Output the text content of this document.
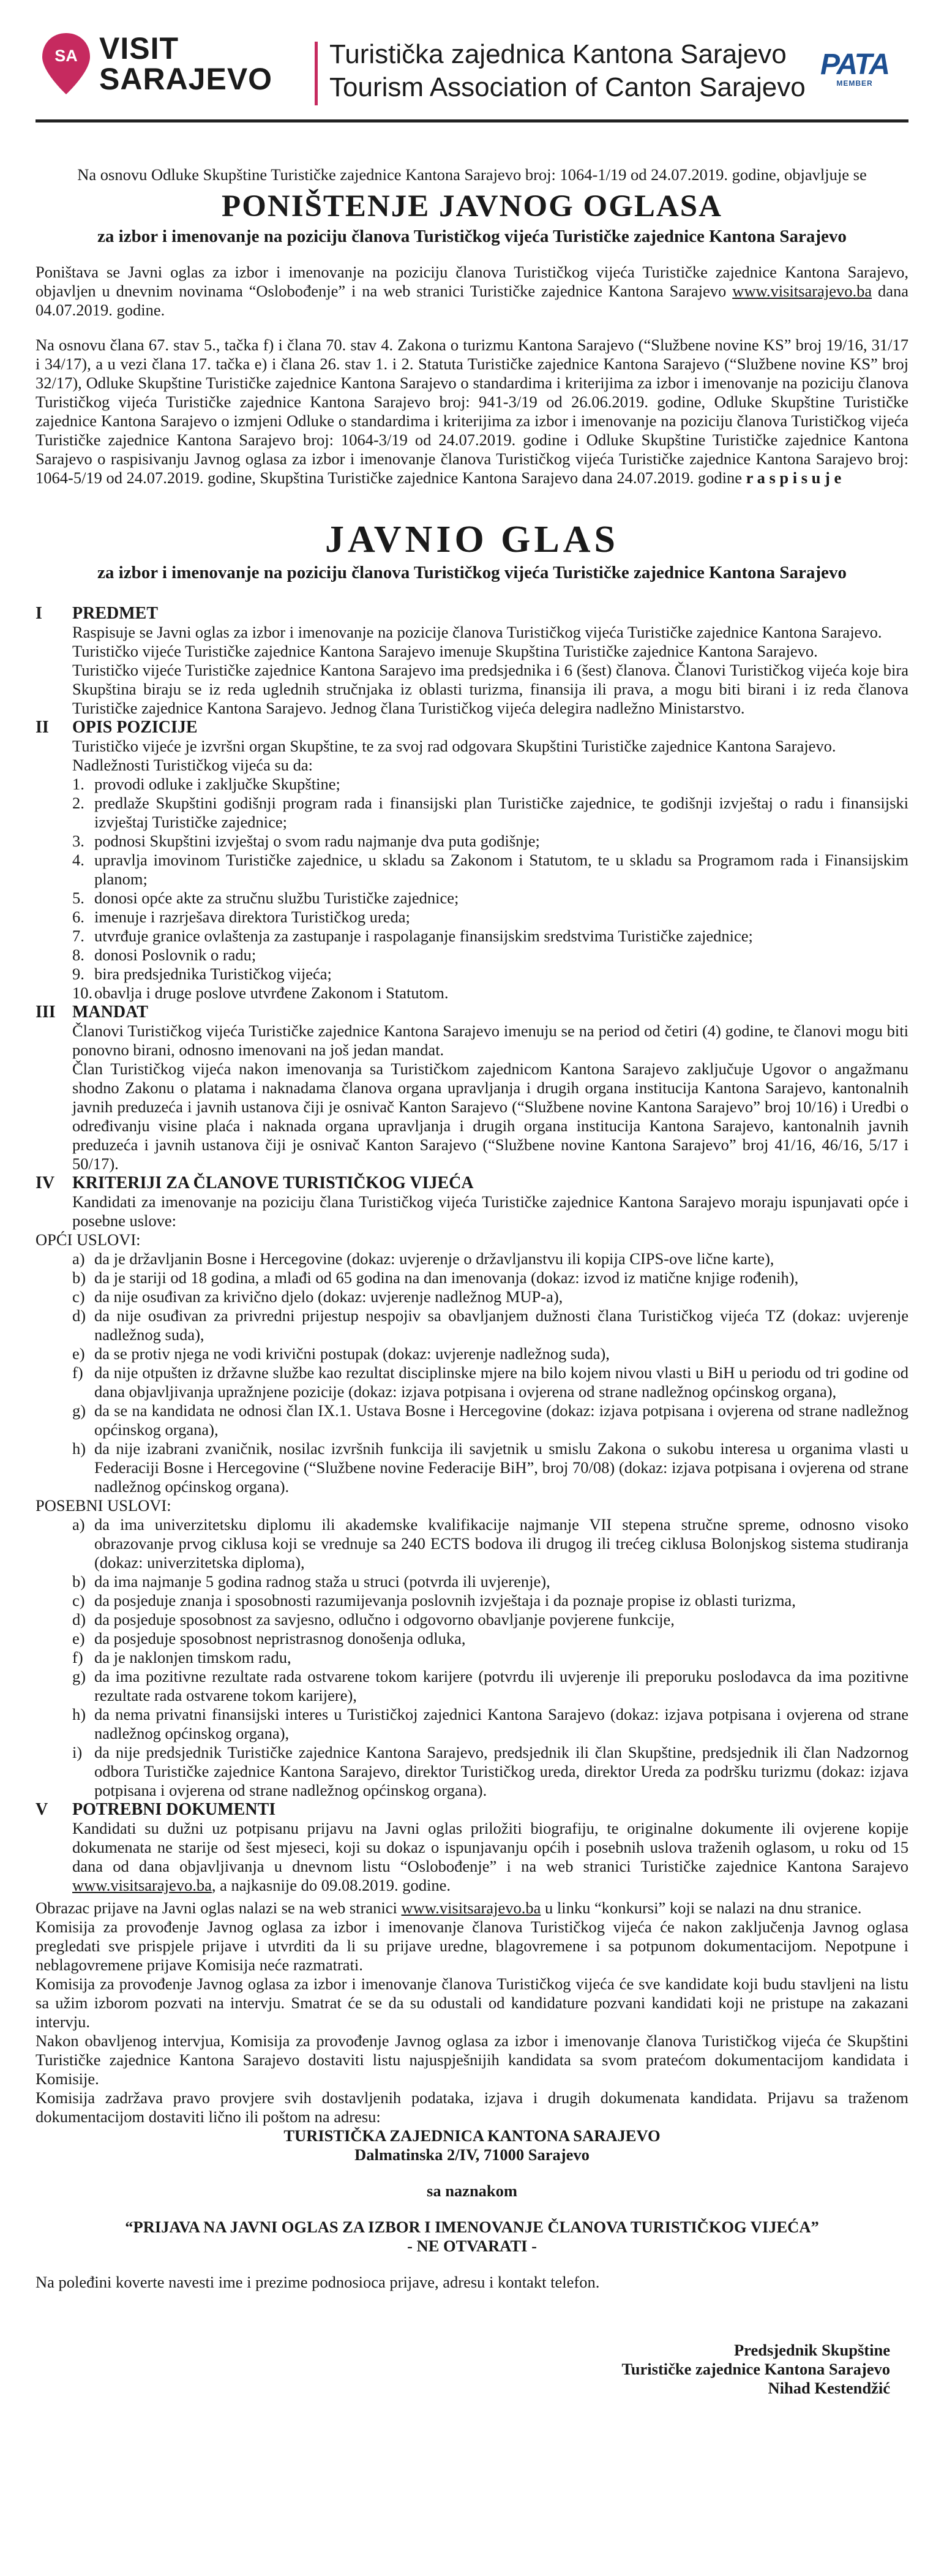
SA VISIT
SARAJEVO
Turistička zajednica Kantona Sarajevo
Tourism Association of Canton Sarajevo
PATA
MEMBER

Na osnovu Odluke Skupštine Turističke zajednice Kantona Sarajevo broj: 1064-1/19 od 24.07.2019. godine, objavljuje se

PONIŠTENJE JAVNOG OGLASA
za izbor i imenovanje na poziciju članova Turističkog vijeća Turističke zajednice Kantona Sarajevo

Poništava se Javni oglas za izbor i imenovanje na poziciju članova Turističkog vijeća Turističke zajednice Kantona Sarajevo, objavljen u dnevnim novinama “Oslobođenje” i na web stranici Turističke zajednice Kantona Sarajevo www.visitsarajevo.ba dana 04.07.2019. godine.

Na osnovu člana 67. stav 5., tačka f) i člana 70. stav 4. Zakona o turizmu Kantona Sarajevo (“Službene novine KS” broj 19/16, 31/17 i 34/17), a u vezi člana 17. tačka e) i člana 26. stav 1. i 2. Statuta Turističke zajednice Kantona Sarajevo (“Službene novine KS” broj 32/17), Odluke Skupštine Turističke zajednice Kantona Sarajevo o standardima i kriterijima za izbor i imenovanje na poziciju članova Turističkog vijeća Turističke zajednice Kantona Sarajevo broj: 941-3/19 od 26.06.2019. godine, Odluke Skupštine Turističke zajednice Kantona Sarajevo o izmjeni Odluke o standardima i kriterijima za izbor i imenovanje na poziciju članova Turističkog vijeća Turističke zajednice Kantona Sarajevo broj: 1064-3/19 od 24.07.2019. godine i Odluke Skupštine Turističke zajednice Kantona Sarajevo o raspisivanju Javnog oglasa za izbor i imenovanje članova Turističkog vijeća Turističke zajednice Kantona Sarajevo broj: 1064-5/19 od 24.07.2019. godine, Skupština Turističke zajednice Kantona Sarajevo dana 24.07.2019. godine r a s p i s u j e

JAVNIO GLAS
za izbor i imenovanje na poziciju članova Turističkog vijeća Turističke zajednice Kantona Sarajevo
I	PREDMET

Raspisuje se Javni oglas za izbor i imenovanje na pozicije članova Turističkog vijeća Turističke zajednice Kantona Sarajevo.

Turističko vijeće Turističke zajednice Kantona Sarajevo imenuje Skupština Turističke zajednice Kantona Sarajevo.

Turističko vijeće Turističke zajednice Kantona Sarajevo ima predsjednika i 6 (šest) članova. Članovi Turističkog vijeća koje bira Skupština biraju se iz reda uglednih stručnjaka iz oblasti turizma, finansija ili prava, a mogu biti birani i iz reda članova Turističke zajednice Kantona Sarajevo. Jednog člana Turističkog vijeća delegira nadležno Ministarstvo.

II	OPIS POZICIJE

Turističko vijeće je izvršni organ Skupštine, te za svoj rad odgovara Skupštini Turističke zajednice Kantona Sarajevo.

Nadležnosti Turističkog vijeća su da:

1. provodi odluke i zaključke Skupštine;
2. predlaže Skupštini godišnji program rada i finansijski plan Turističke zajednice, te godišnji izvještaj o radu i finansijski izvještaj Turističke zajednice;
3. podnosi Skupštini izvještaj o svom radu najmanje dva puta godišnje;
4. upravlja imovinom Turističke zajednice, u skladu sa Zakonom i Statutom, te u skladu sa Programom rada i Finansijskim planom;
5. donosi opće akte za stručnu službu Turističke zajednice;
6. imenuje i razrješava direktora Turističkog ureda;
7. utvrđuje granice ovlaštenja za zastupanje i raspolaganje finansijskim sredstvima Turističke zajednice;
8. donosi Poslovnik o radu;
9. bira predsjednika Turističkog vijeća;
10. obavlja i druge poslove utvrđene Zakonom i Statutom.
III MANDAT

Članovi Turističkog vijeća Turističke zajednice Kantona Sarajevo imenuju se na period od četiri (4) godine, te članovi mogu biti ponovno birani, odnosno imenovani na još jedan mandat.

Član Turističkog vijeća nakon imenovanja sa Turističkom zajednicom Kantona Sarajevo zaključuje Ugovor o angažmanu shodno Zakonu o platama i naknadama članova organa upravljanja i drugih organa institucija Kantona Sarajevo, kantonalnih javnih preduzeća i javnih ustanova čiji je osnivač Kanton Sarajevo (“Službene novine Kantona Sarajevo” broj 10/16) i Uredbi o određivanju visine plaća i naknada organa upravljanja i drugih organa institucija Kantona Sarajevo, kantonalnih javnih preduzeća i javnih ustanova čiji je osnivač Kanton Sarajevo (“Službene novine Kantona Sarajevo” broj 41/16, 46/16, 5/17 i 50/17).

IV	KRITERIJI ZA ČLANOVE TURISTIČKOG VIJEĆA

Kandidati za imenovanje na poziciju člana Turističkog vijeća Turističke zajednice Kantona Sarajevo moraju ispunjavati opće i posebne uslove:

OPĆI USLOVI:
a) da je državljanin Bosne i Hercegovine (dokaz: uvjerenje o državljanstvu ili kopija CIPS-ove lične karte),
b) da je stariji od 18 godina, a mlađi od 65 godina na dan imenovanja (dokaz: izvod iz matične knjige rođenih),
c) da nije osuđivan za krivično djelo (dokaz: uvjerenje nadležnog MUP-a),
d) da nije osuđivan za privredni prijestup nespojiv sa obavljanjem dužnosti člana Turističkog vijeća TZ (dokaz: uvjerenje nadležnog suda),
e) da se protiv njega ne vodi krivični postupak (dokaz: uvjerenje nadležnog suda),
f) da nije otpušten iz državne službe kao rezultat disciplinske mjere na bilo kojem nivou vlasti u BiH u periodu od tri godine od dana objavljivanja upražnjene pozicije (dokaz: izjava potpisana i ovjerena od strane nadležnog općinskog organa),
g) da se na kandidata ne odnosi član IX.1. Ustava Bosne i Hercegovine (dokaz: izjava potpisana i ovjerena od strane nadležnog općinskog organa),
h) da nije izabrani zvaničnik, nosilac izvršnih funkcija ili savjetnik u smislu Zakona o sukobu interesa u organima vlasti u Federaciji Bosne i Hercegovine (“Službene novine Federacije BiH”, broj 70/08) (dokaz: izjava potpisana i ovjerena od strane nadležnog općinskog organa).
POSEBNI USLOVI:
a) da ima univerzitetsku diplomu ili akademske kvalifikacije najmanje VII stepena stručne spreme, odnosno visoko obrazovanje prvog ciklusa koji se vrednuje sa 240 ECTS bodova ili drugog ili trećeg ciklusa Bolonjskog sistema studiranja (dokaz: univerzitetska diploma),
b) da ima najmanje 5 godina radnog staža u struci (potvrda ili uvjerenje),
c) da posjeduje znanja i sposobnosti razumijevanja poslovnih izvještaja i da poznaje propise iz oblasti turizma,
d) da posjeduje sposobnost za savjesno, odlučno i odgovorno obavljanje povjerene funkcije,
e) da posjeduje sposobnost nepristrasnog donošenja odluka,
f) da je naklonjen timskom radu,
g) da ima pozitivne rezultate rada ostvarene tokom karijere (potvrdu ili uvjerenje ili preporuku poslodavca da ima pozitivne rezultate rada ostvarene tokom karijere),
h) da nema privatni finansijski interes u Turističkoj zajednici Kantona Sarajevo (dokaz: izjava potpisana i ovjerena od strane nadležnog općinskog organa),
i) da nije predsjednik Turističke zajednice Kantona Sarajevo, predsjednik ili član Skupštine, predsjednik ili član Nadzornog odbora Turističke zajednice Kantona Sarajevo, direktor Turističkog ureda, direktor Ureda za podršku turizmu (dokaz: izjava potpisana i ovjerena od strane nadležnog općinskog organa).
V	POTREBNI DOKUMENTI

Kandidati su dužni uz potpisanu prijavu na Javni oglas priložiti biografiju, te originalne dokumente ili ovjerene kopije dokumenata ne starije od šest mjeseci, koji su dokaz o ispunjavanju općih i posebnih uslova traženih oglasom, u roku od 15 dana od dana objavljivanja u dnevnom listu “Oslobođenje” i na web stranici Turističke zajednice Kantona Sarajevo www.visitsarajevo.ba, a najkasnije do 09.08.2019. godine.

Obrazac prijave na Javni oglas nalazi se na web stranici www.visitsarajevo.ba u linku “konkursi” koji se nalazi na dnu stranice.

Komisija za provođenje Javnog oglasa za izbor i imenovanje članova Turističkog vijeća će nakon zaključenja Javnog oglasa pregledati sve prispjele prijave i utvrditi da li su prijave uredne, blagovremene i sa potpunom dokumentacijom. Nepotpune i neblagovremene prijave Komisija neće razmatrati.

Komisija za provođenje Javnog oglasa za izbor i imenovanje članova Turističkog vijeća će sve kandidate koji budu stavljeni na listu sa užim izborom pozvati na intervju. Smatrat će se da su odustali od kandidature pozvani kandidati koji ne pristupe na zakazani intervju.

Nakon obavljenog intervjua, Komisija za provođenje Javnog oglasa za izbor i imenovanje članova Turističkog vijeća će Skupštini Turističke zajednice Kantona Sarajevo dostaviti listu najuspješnijih kandidata sa svom pratećom dokumentacijom kandidata i Komisije.

Komisija zadržava pravo provjere svih dostavljenih podataka, izjava i drugih dokumenata kandidata. Prijavu sa traženom dokumentacijom dostaviti lično ili poštom na adresu:

TURISTIČKA ZAJEDNICA KANTONA SARAJEVO
Dalmatinska 2/IV, 71000 Sarajevo
sa naznakom
“PRIJAVA NA JAVNI OGLAS ZA IZBOR I IMENOVANJE ČLANOVA TURISTIČKOG VIJEĆA”
- NE OTVARATI -

Na poleđini koverte navesti ime i prezime podnosioca prijave, adresu i kontakt telefon.

Predsjednik Skupštine
Turističke zajednice Kantona Sarajevo
Nihad Kestendžić
